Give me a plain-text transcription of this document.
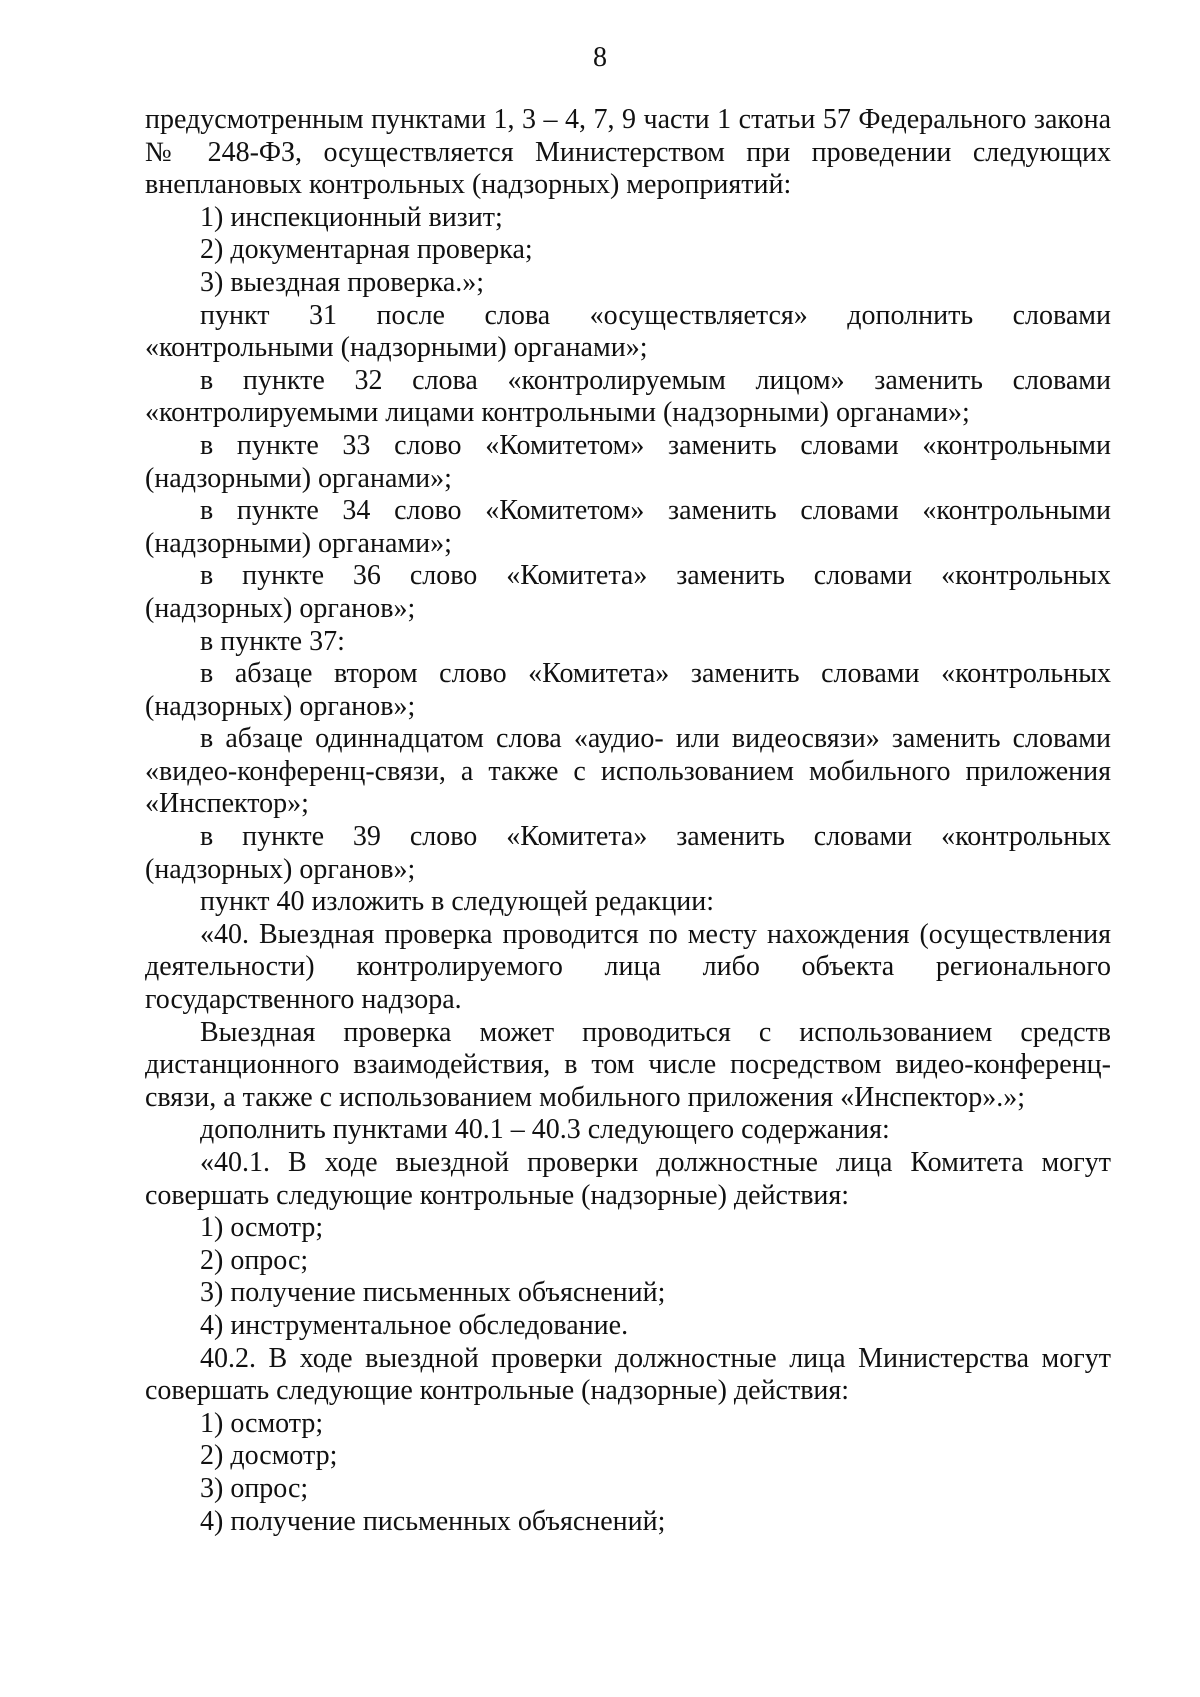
8

предусмотренным пунктами 1, 3 – 4, 7, 9 части 1 статьи 57 Федерального закона № 248-ФЗ, осуществляется Министерством при проведении следующих внеплановых контрольных (надзорных) мероприятий:

1) инспекционный визит;

2) документарная проверка;

3) выездная проверка.»;

пункт 31 после слова «осуществляется» дополнить словами «контрольными (надзорными) органами»;

в пункте 32 слова «контролируемым лицом» заменить словами «контролируемыми лицами контрольными (надзорными) органами»;

в пункте 33 слово «Комитетом» заменить словами «контрольными (надзорными) органами»;

в пункте 34 слово «Комитетом» заменить словами «контрольными (надзорными) органами»;

в пункте 36 слово «Комитета» заменить словами «контрольных (надзорных) органов»;

в пункте 37:

в абзаце втором слово «Комитета» заменить словами «контрольных (надзорных) органов»;

в абзаце одиннадцатом слова «аудио- или видеосвязи» заменить словами «видео-конференц-связи, а также с использованием мобильного приложения «Инспектор»;

в пункте 39 слово «Комитета» заменить словами «контрольных (надзорных) органов»;

пункт 40 изложить в следующей редакции:

«40. Выездная проверка проводится по месту нахождения (осуществления деятельности) контролируемого лица либо объекта регионального государственного надзора.

Выездная проверка может проводиться с использованием средств дистанционного взаимодействия, в том числе посредством видео-конференц-связи, а также с использованием мобильного приложения «Инспектор».»;

дополнить пунктами 40.1 – 40.3 следующего содержания:

«40.1. В ходе выездной проверки должностные лица Комитета могут совершать следующие контрольные (надзорные) действия:

1) осмотр;

2) опрос;

3) получение письменных объяснений;

4) инструментальное обследование.

40.2. В ходе выездной проверки должностные лица Министерства могут совершать следующие контрольные (надзорные) действия:

1) осмотр;

2) досмотр;

3) опрос;

4) получение письменных объяснений;
